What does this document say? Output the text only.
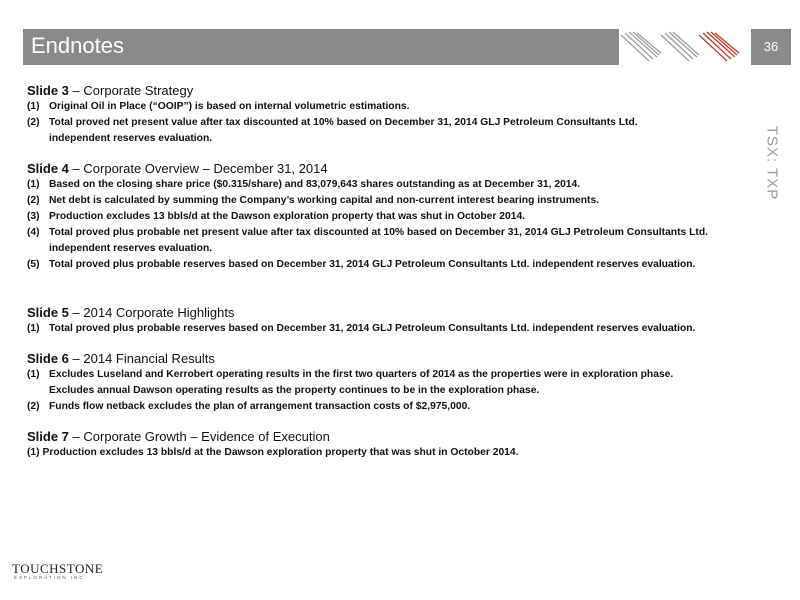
Endnotes	36
TSX: TXP

Slide 3 – Corporate Strategy

(1) Original Oil in Place (“OOIP”) is based on internal volumetric estimations.
(2) Total proved net present value after tax discounted at 10% based on December 31, 2014 GLJ Petroleum Consultants Ltd.
independent reserves evaluation.

Slide 4 – Corporate Overview – December 31, 2014

(1) Based on the closing share price ($0.315/share) and 83,079,643 shares outstanding as at December 31, 2014.
(2) Net debt is calculated by summing the Company’s working capital and non-current interest bearing instruments.
(3) Production excludes 13 bbls/d at the Dawson exploration property that was shut in October 2014.
(4) Total proved plus probable net present value after tax discounted at 10% based on December 31, 2014 GLJ Petroleum Consultants Ltd.
independent reserves evaluation.
(5) Total proved plus probable reserves based on December 31, 2014 GLJ Petroleum Consultants Ltd. independent reserves evaluation.

Slide 5 – 2014 Corporate Highlights

(1) Total proved plus probable reserves based on December 31, 2014 GLJ Petroleum Consultants Ltd. independent reserves evaluation.

Slide 6 – 2014 Financial Results

(1) Excludes Luseland and Kerrobert operating results in the first two quarters of 2014 as the properties were in exploration phase.
Excludes annual Dawson operating results as the property continues to be in the exploration phase.
(2) Funds flow netback excludes the plan of arrangement transaction costs of $2,975,000.

Slide 7 – Corporate Growth – Evidence of Execution

(1) Production excludes 13 bbls/d at the Dawson exploration property that was shut in October 2014.
TOUCHSTONE
EXPLORATION INC
